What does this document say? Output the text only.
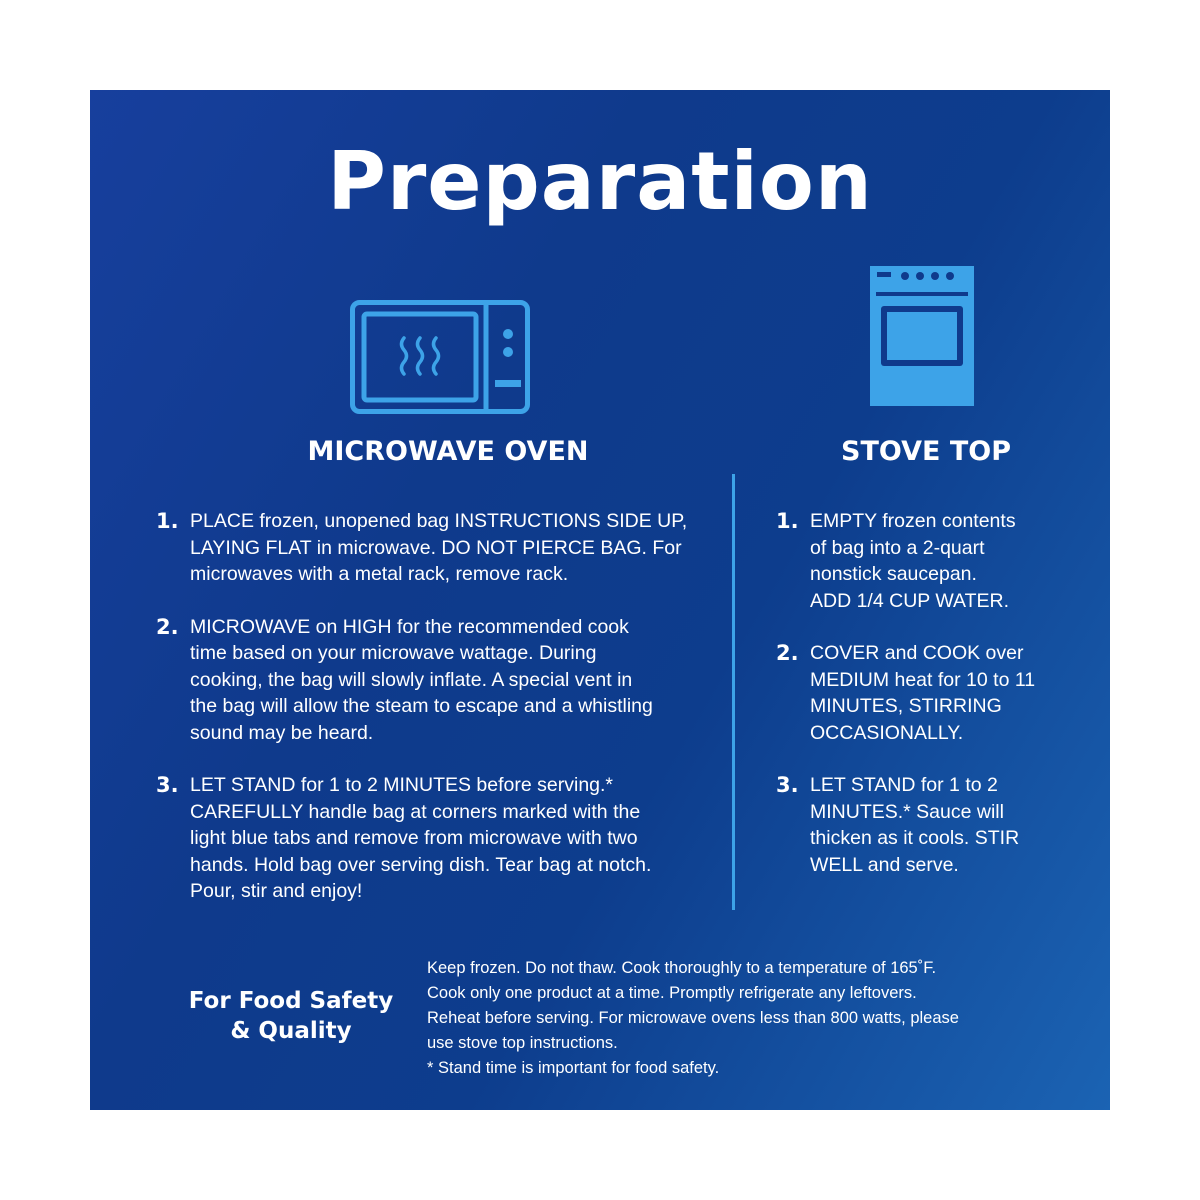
Preparation
MICROWAVE OVEN	STOVE TOP
1. PLACE frozen, unopened bag INSTRUCTIONS SIDE UP,
LAYING FLAT in microwave. DO NOT PIERCE BAG. For
microwaves with a metal rack, remove rack.
2. MICROWAVE on HIGH for the recommended cook
time based on your microwave wattage. During
cooking, the bag will slowly inflate. A special vent in
the bag will allow the steam to escape and a whistling
sound may be heard.
3. LET STAND for 1 to 2 MINUTES before serving.*
CAREFULLY handle bag at corners marked with the
light blue tabs and remove from microwave with two
hands. Hold bag over serving dish. Tear bag at notch.
Pour, stir and enjoy!
1. EMPTY frozen contents
of bag into a 2-quart
nonstick saucepan.
ADD 1/4 CUP WATER.
2. COVER and COOK over
MEDIUM heat for 10 to 11
MINUTES, STIRRING
OCCASIONALLY.
3. LET STAND for 1 to 2
MINUTES.* Sauce will
thicken as it cools. STIR
WELL and serve.
For Food Safety
& Quality
Keep frozen. Do not thaw. Cook thoroughly to a temperature of 165˚F.
Cook only one product at a time. Promptly refrigerate any leftovers.
Reheat before serving. For microwave ovens less than 800 watts, please
use stove top instructions.
* Stand time is important for food safety.
